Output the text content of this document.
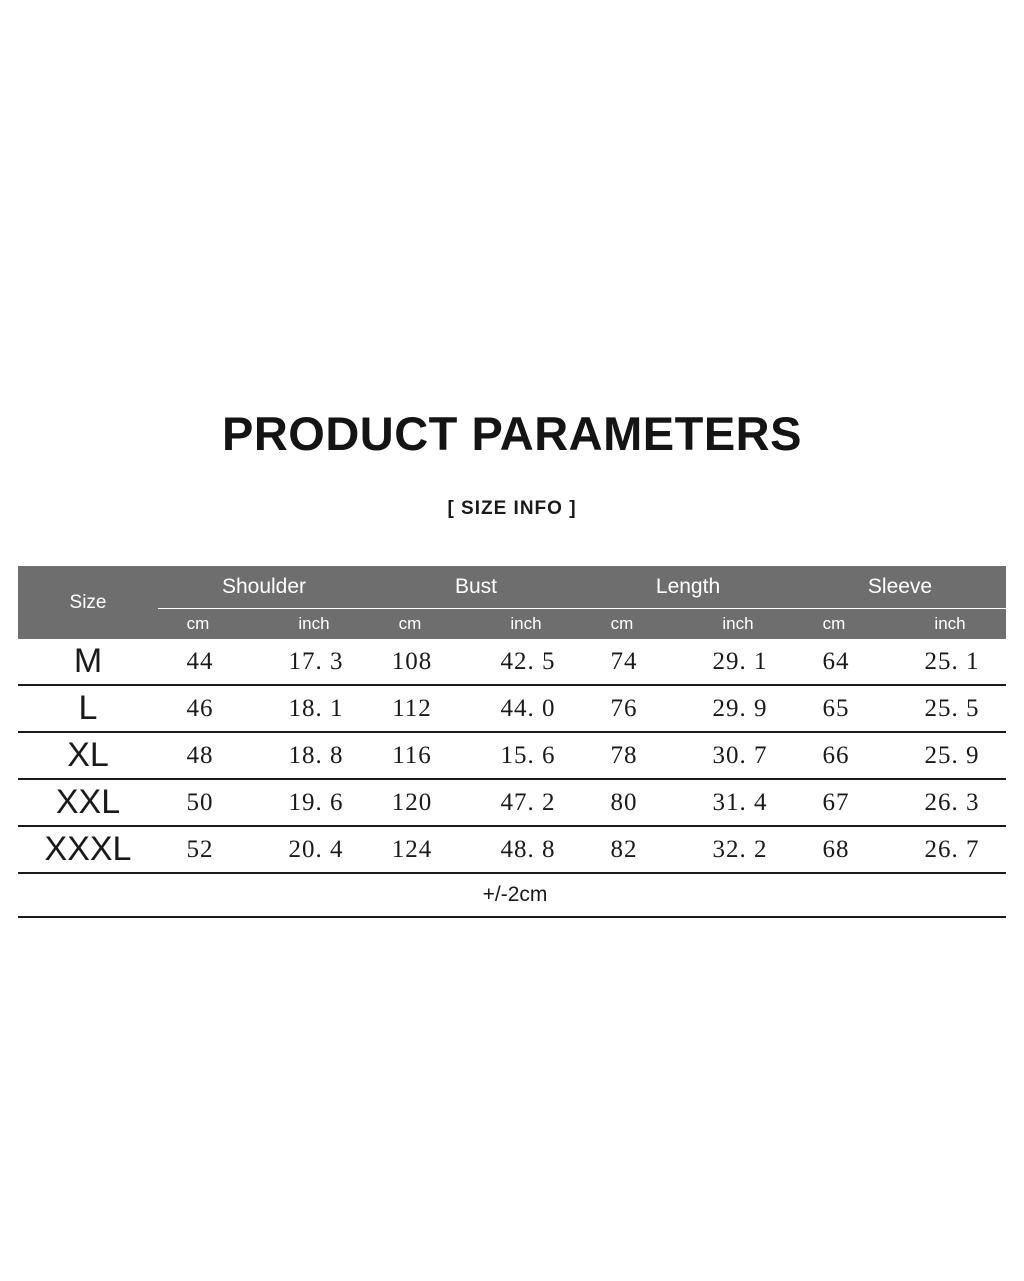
PRODUCT PARAMETERS
[ SIZE INFO ]
Size	Shoulder		Bust		Length		Sleeve	
	cm	inch	cm	inch	cm	inch	cm	inch
M	44	17. 3	108	42. 5	74	29. 1	64	25. 1
L	46	18. 1	112	44. 0	76	29. 9	65	25. 5
XL	48	18. 8	116	15. 6	78	30. 7	66	25. 9
XXL	50	19. 6	120	47. 2	80	31. 4	67	26. 3
XXXL	52	20. 4	124	48. 8	82	32. 2	68	26. 7
+/-2cm								
